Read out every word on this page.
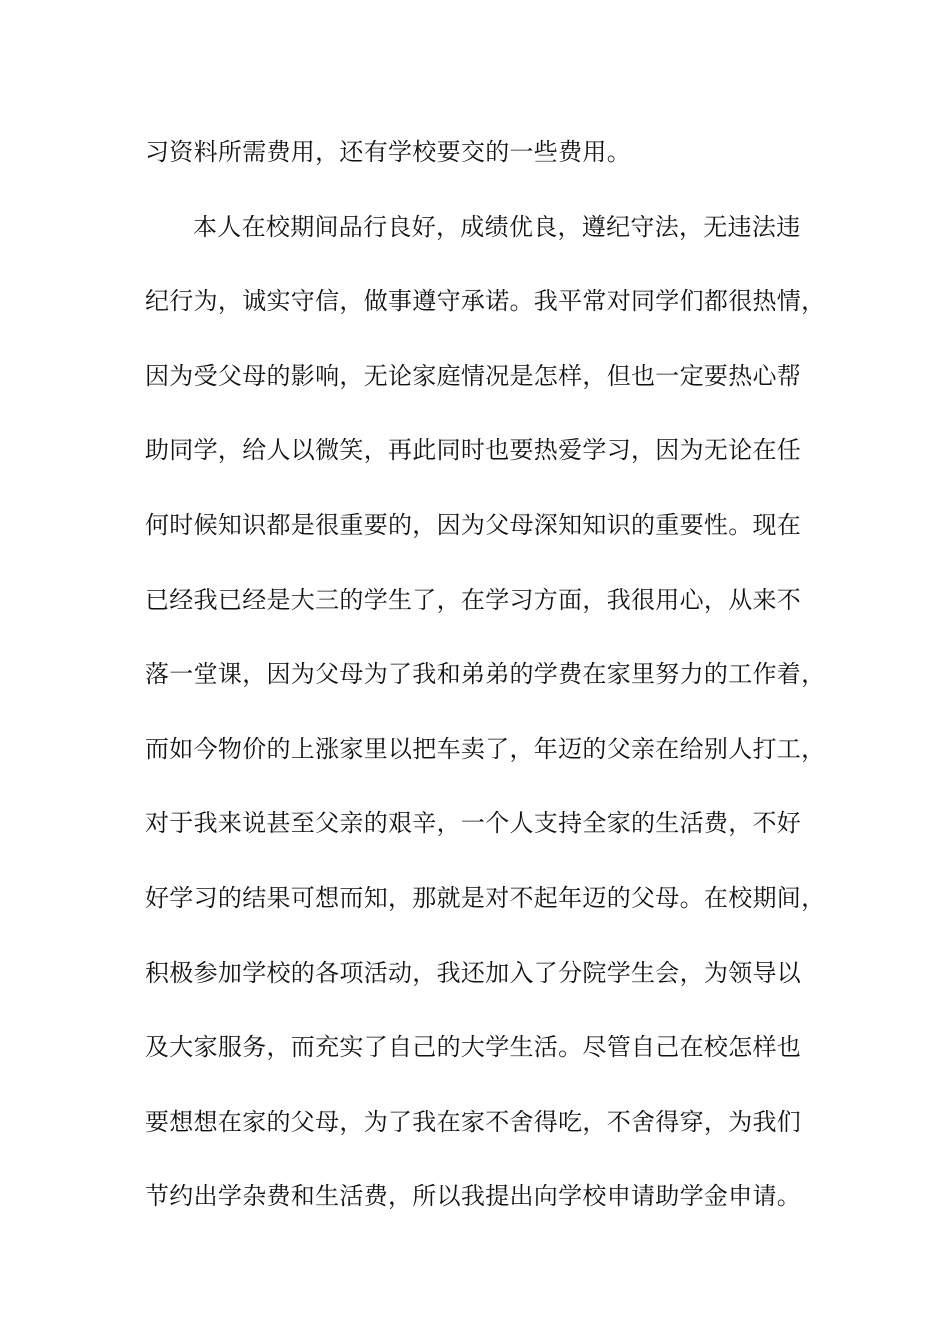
习资料所需费用，还有学校要交的一些费用。
本人在校期间品行良好，成绩优良，遵纪守法，无违法违
纪行为，诚实守信，做事遵守承诺。我平常对同学们都很热情，
因为受父母的影响，无论家庭情况是怎样，但也一定要热心帮
助同学，给人以微笑，再此同时也要热爱学习，因为无论在任
何时候知识都是很重要的，因为父母深知知识的重要性。现在
已经我已经是大三的学生了，在学习方面，我很用心，从来不
落一堂课，因为父母为了我和弟弟的学费在家里努力的工作着，
而如今物价的上涨家里以把车卖了，年迈的父亲在给别人打工，
对于我来说甚至父亲的艰辛，一个人支持全家的生活费，不好
好学习的结果可想而知，那就是对不起年迈的父母。在校期间，
积极参加学校的各项活动，我还加入了分院学生会，为领导以
及大家服务，而充实了自己的大学生活。尽管自己在校怎样也
要想想在家的父母，为了我在家不舍得吃，不舍得穿，为我们
节约出学杂费和生活费，所以我提出向学校申请助学金申请。
